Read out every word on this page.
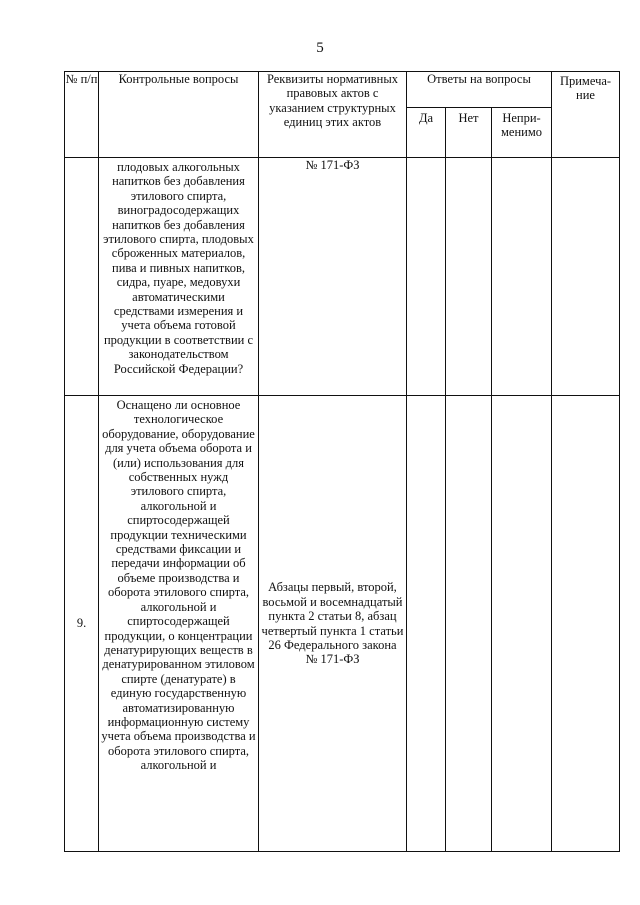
5
№ п/п	Контрольные вопросы	Реквизиты нормативных правовых актов с указанием структурных единиц этих актов	Ответы на вопросы			Примеча-ние
			Да	Нет	Непри-менимо	

	плодовых алкогольных напитков без добавления этилового спирта, виноградосодержащих напитков без добавления этилового спирта, плодовых сброженных материалов, пива и пивных напитков, сидра, пуаре, медовухи автоматическими средствами измерения и учета объема готовой продукции в соответствии с законодательством Российской Федерации?	№ 171-ФЗ				

9.	Оснащено ли основное технологическое оборудование, оборудование для учета объема оборота и (или) использования для собственных нужд этилового спирта, алкогольной и спиртосодержащей продукции техническими средствами фиксации и передачи информации об объеме производства и оборота этилового спирта, алкогольной и спиртосодержащей продукции, о концентрации денатурирующих веществ в денатурированном этиловом спирте (денатурате) в единую государственную автоматизированную информационную систему учета объема производства и оборота этилового спирта, алкогольной и	Абзацы первый, второй, восьмой и восемнадцатый пункта 2 статьи 8, абзац четвертый пункта 1 статьи 26 Федерального закона № 171-ФЗ				
